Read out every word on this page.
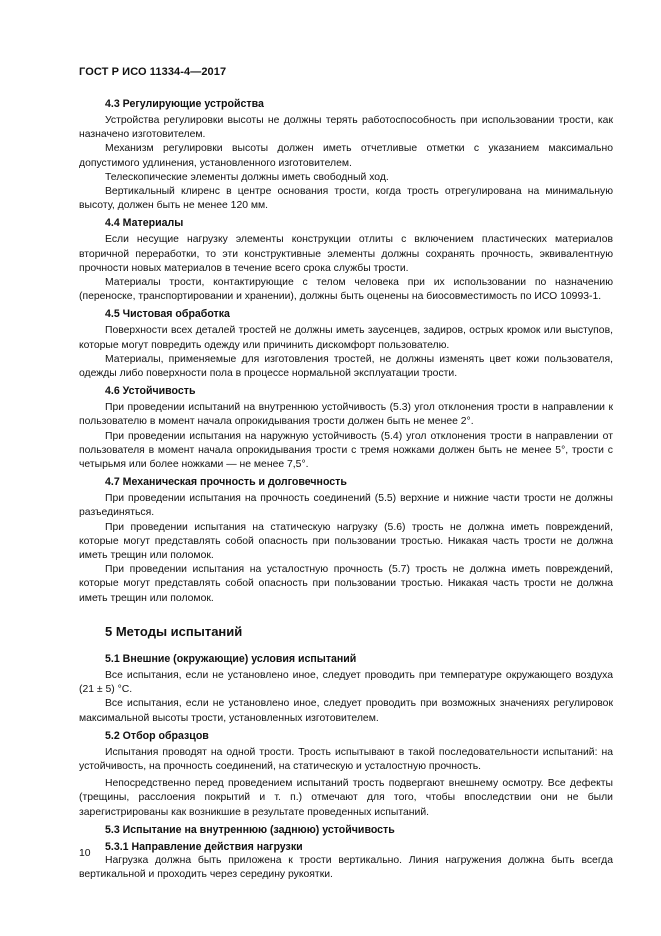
ГОСТ Р ИСО 11334-4—2017
4.3 Регулирующие устройства

Устройства регулировки высоты не должны терять работоспособность при использовании трости, как назначено изготовителем.

Механизм регулировки высоты должен иметь отчетливые отметки с указанием максимально допустимого удлинения, установленного изготовителем.

Телескопические элементы должны иметь свободный ход.

Вертикальный клиренс в центре основания трости, когда трость отрегулирована на минимальную высоту, должен быть не менее 120 мм.

4.4 Материалы

Если несущие нагрузку элементы конструкции отлиты с включением пластических материалов вторичной переработки, то эти конструктивные элементы должны сохранять прочность, эквивалентную прочности новых материалов в течение всего срока службы трости.

Материалы трости, контактирующие с телом человека при их использовании по назначению (переноске, транспортировании и хранении), должны быть оценены на биосовместимость по ИСО 10993-1.

4.5 Чистовая обработка

Поверхности всех деталей тростей не должны иметь заусенцев, задиров, острых кромок или выступов, которые могут повредить одежду или причинить дискомфорт пользователю.

Материалы, применяемые для изготовления тростей, не должны изменять цвет кожи пользователя, одежды либо поверхности пола в процессе нормальной эксплуатации трости.

4.6 Устойчивость

При проведении испытаний на внутреннюю устойчивость (5.3) угол отклонения трости в направлении к пользователю в момент начала опрокидывания трости должен быть не менее 2°.

При проведении испытания на наружную устойчивость (5.4) угол отклонения трости в направлении от пользователя в момент начала опрокидывания трости с тремя ножками должен быть не менее 5°, трости с четырьмя или более ножками — не менее 7,5°.

4.7 Механическая прочность и долговечность

При проведении испытания на прочность соединений (5.5) верхние и нижние части трости не должны разъединяться.

При проведении испытания на статическую нагрузку (5.6) трость не должна иметь повреждений, которые могут представлять собой опасность при пользовании тростью. Никакая часть трости не должна иметь трещин или поломок.

При проведении испытания на усталостную прочность (5.7) трость не должна иметь повреждений, которые могут представлять собой опасность при пользовании тростью. Никакая часть трости не должна иметь трещин или поломок.

5 Методы испытаний
5.1 Внешние (окружающие) условия испытаний

Все испытания, если не установлено иное, следует проводить при температуре окружающего воздуха (21 ± 5) °С.

Все испытания, если не установлено иное, следует проводить при возможных значениях регулировок максимальной высоты трости, установленных изготовителем.

5.2 Отбор образцов

Испытания проводят на одной трости. Трость испытывают в такой последовательности испытаний: на устойчивость, на прочность соединений, на статическую и усталостную прочность.

Непосредственно перед проведением испытаний трость подвергают внешнему осмотру. Все дефекты (трещины, расслоения покрытий и т. п.) отмечают для того, чтобы впоследствии они не были зарегистрированы как возникшие в результате проведенных испытаний.

5.3 Испытание на внутреннюю (заднюю) устойчивость
5.3.1 Направление действия нагрузки

Нагрузка должна быть приложена к трости вертикально. Линия нагружения должна быть всегда вертикальной и проходить через середину рукоятки.

10
